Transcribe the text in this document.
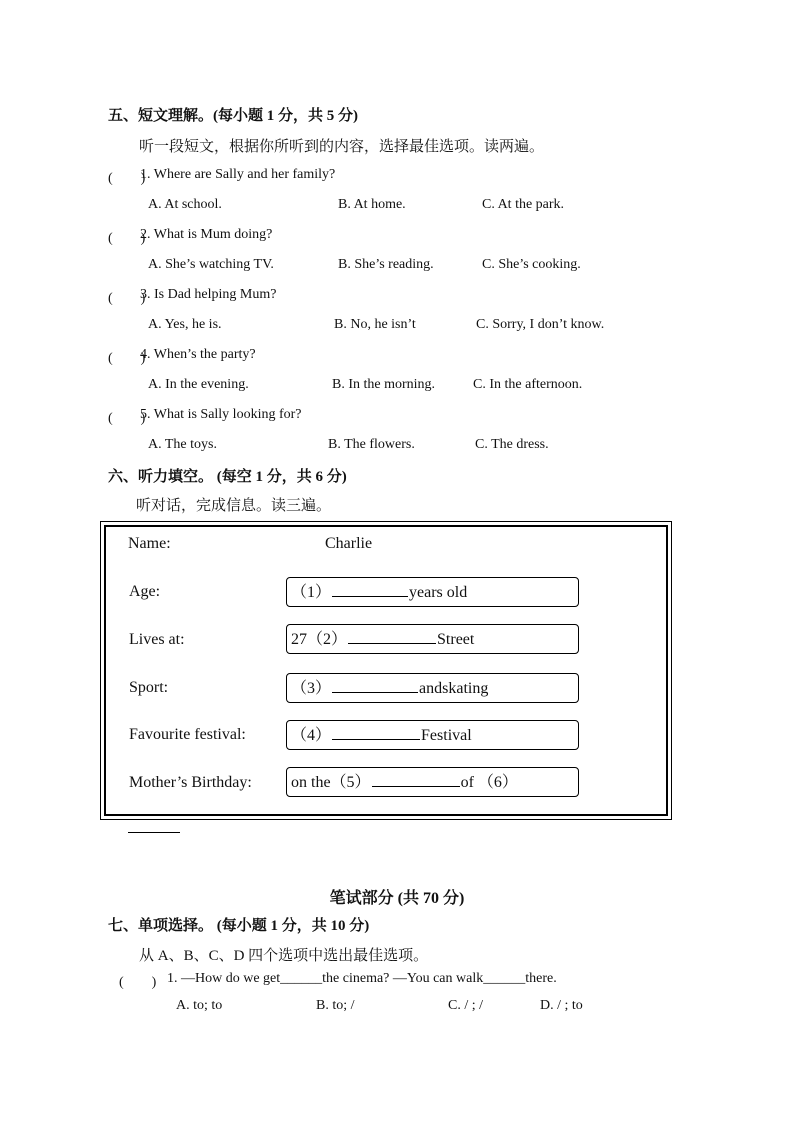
五、短文理解。(每小题 1 分，共 5 分)
听一段短文，根据你所听到的内容，选择最佳选项。读两遍。
(　　)
1. Where are Sally and her family?
A. At school.	B. At home.	C. At the park.
(　　)
2. What is Mum doing?
A. She’s watching TV.	B. She’s reading.	C. She’s cooking.
(　　)
3. Is Dad helping Mum?
A. Yes, he is.	B. No, he isn’t	C. Sorry, I don’t know.
(　　)
4. When’s the party?
A. In the evening.	B. In the morning.	C. In the afternoon.
(　　)
5. What is Sally looking for?
A. The toys.	B. The flowers.	C. The dress.
六、听力填空。 (每空 1 分，共 6 分)
听对话，完成信息。读三遍。
Name:	Charlie
Age:	（1）	years old
Lives at:	27（2）	Street
Sport:	（3）	andskating
Favourite festival:	（4）	Festival
Mother’s Birthday:	on the（5）	of （6）
笔试部分 (共 70 分)
七、单项选择。 (每小题 1 分，共 10 分)
从 A、B、C、D 四个选项中选出最佳选项。
(　　) 1. —How do we get______the cinema? —You can walk______there.
A. to; to	B. to; /	C. / ; /	D. / ; to
